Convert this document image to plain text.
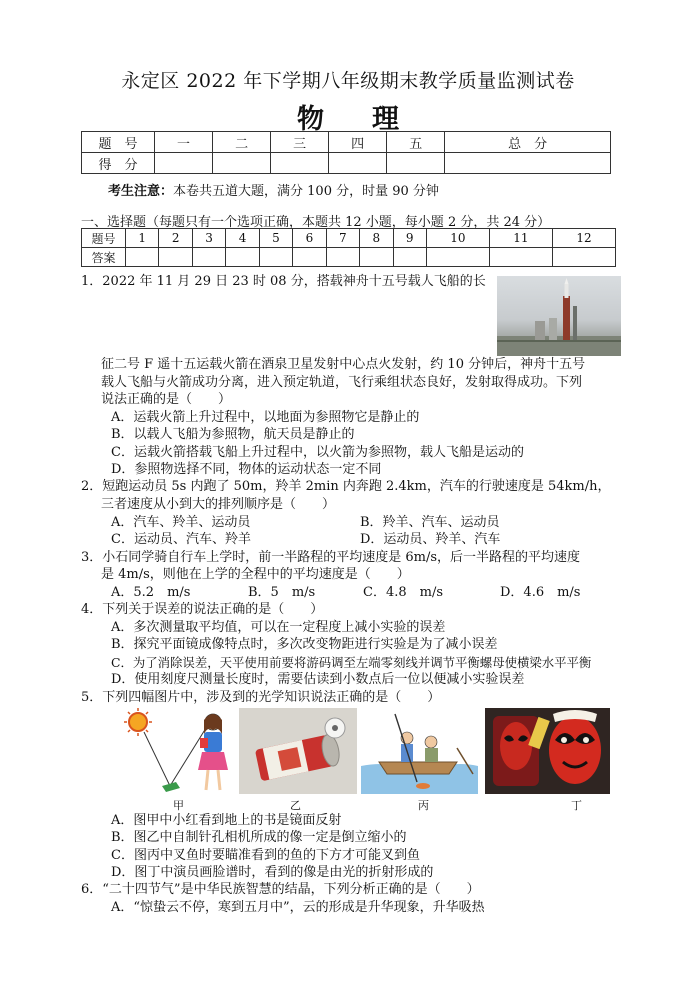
永定区 2022 年下学期八年级期末教学质量监测试卷
物理
题　号	一	二	三	四	五	总　分
得　分						
考生注意：本卷共五道大题，满分 100 分，时量 90 分钟
一、选择题（每题只有一个选项正确，本题共 12 小题，每小题 2 分，共 24 分）
题号	1	2	3	4	5	6	7	8	9	10	11	12
答案												
1．2022 年 11 月 29 日 23 时 08 分，搭载神舟十五号载人飞船的长
征二号 F 遥十五运载火箭在酒泉卫星发射中心点火发射，约 10 分钟后，神舟十五号
载人飞船与火箭成功分离，进入预定轨道，飞行乘组状态良好，发射取得成功。下列
说法正确的是（　　）
A．运载火箭上升过程中，以地面为参照物它是静止的
B．以载人飞船为参照物，航天员是静止的
C．运载火箭搭载飞船上升过程中，以火箭为参照物，载人飞船是运动的
D．参照物选择不同，物体的运动状态一定不同
2．短跑运动员 5s 内跑了 50m，羚羊 2min 内奔跑 2.4km，汽车的行驶速度是 54km/h，
三者速度从小到大的排列顺序是（　　）
A．汽车、羚羊、运动员	B．羚羊、汽车、运动员
C．运动员、汽车、羚羊	D．运动员、羚羊、汽车
3．小石同学骑自行车上学时，前一半路程的平均速度是 6m/s，后一半路程的平均速度
是 4m/s，则他在上学的全程中的平均速度是（　　）
A．5.2　m/s	B．5　m/s	C．4.8　m/s	D．4.6　m/s
4．下列关于误差的说法正确的是（　　）
A．多次测量取平均值，可以在一定程度上减小实验的误差
B．探究平面镜成像特点时，多次改变物距进行实验是为了减小误差
C．为了消除误差，天平使用前要将游码调至左端零刻线并调节平衡螺母使横梁水平平衡
D．使用刻度尺测量长度时，需要估读到小数点后一位以便减小实验误差
5．下列四幅图片中，涉及到的光学知识说法正确的是（　　）
甲	乙	丙	丁
A．图甲中小红看到地上的书是镜面反射
B．图乙中自制针孔相机所成的像一定是倒立缩小的
C．图丙中叉鱼时要瞄准看到的鱼的下方才可能叉到鱼
D．图丁中演员画脸谱时，看到的像是由光的折射形成的
6．“二十四节气”是中华民族智慧的结晶，下列分析正确的是（　　）
A．“惊蛰云不停，寒到五月中”，云的形成是升华现象，升华吸热
